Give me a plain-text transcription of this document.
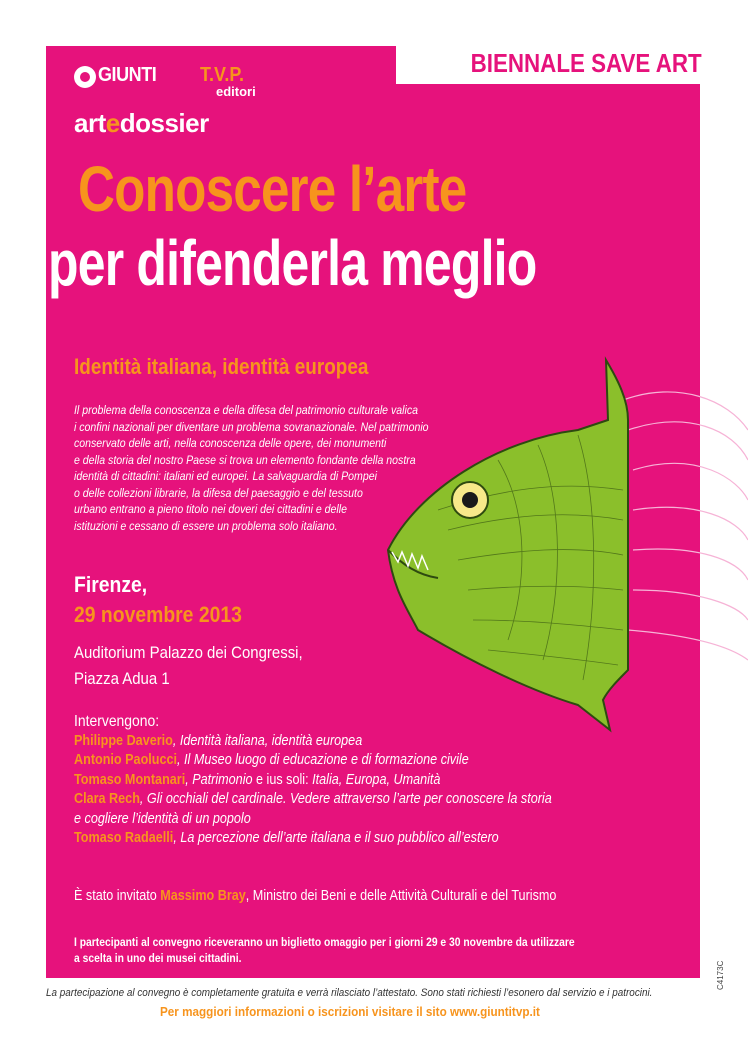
BIENNALE SAVE ART
GIUNTI T.V.P.
editori
artedossier
Conoscere l’arte
per difenderla meglio
Identità italiana, identità europea
Il problema della conoscenza e della difesa del patrimonio culturale valica
i confini nazionali per diventare un problema sovranazionale. Nel patrimonio
conservato delle arti, nella conoscenza delle opere, dei monumenti
e della storia del nostro Paese si trova un elemento fondante della nostra
identità di cittadini: italiani ed europei. La salvaguardia di Pompei
o delle collezioni librarie, la difesa del paesaggio e del tessuto
urbano entrano a pieno titolo nei doveri dei cittadini e delle
istituzioni e cessano di essere un problema solo italiano.
Firenze,
29 novembre 2013
Auditorium Palazzo dei Congressi,
Piazza Adua 1
Intervengono:
Philippe Daverio, Identità italiana, identità europea
Antonio Paolucci, Il Museo luogo di educazione e di formazione civile
Tomaso Montanari, Patrimonio e ius soli: Italia, Europa, Umanità
Clara Rech, Gli occhiali del cardinale. Vedere attraverso l’arte per conoscere la storia
e cogliere l’identità di un popolo
Tomaso Radaelli, La percezione dell’arte italiana e il suo pubblico all’estero
È stato invitato Massimo Bray, Ministro dei Beni e delle Attività Culturali e del Turismo
I partecipanti al convegno riceveranno un biglietto omaggio per i giorni 29 e 30 novembre da utilizzare
a scelta in uno dei musei cittadini.
La partecipazione al convegno è completamente gratuita e verrà rilasciato l’attestato. Sono stati richiesti l’esonero dal servizio e i patrocini.
Per maggiori informazioni o iscrizioni visitare il sito www.giuntitvp.it
C4173C
